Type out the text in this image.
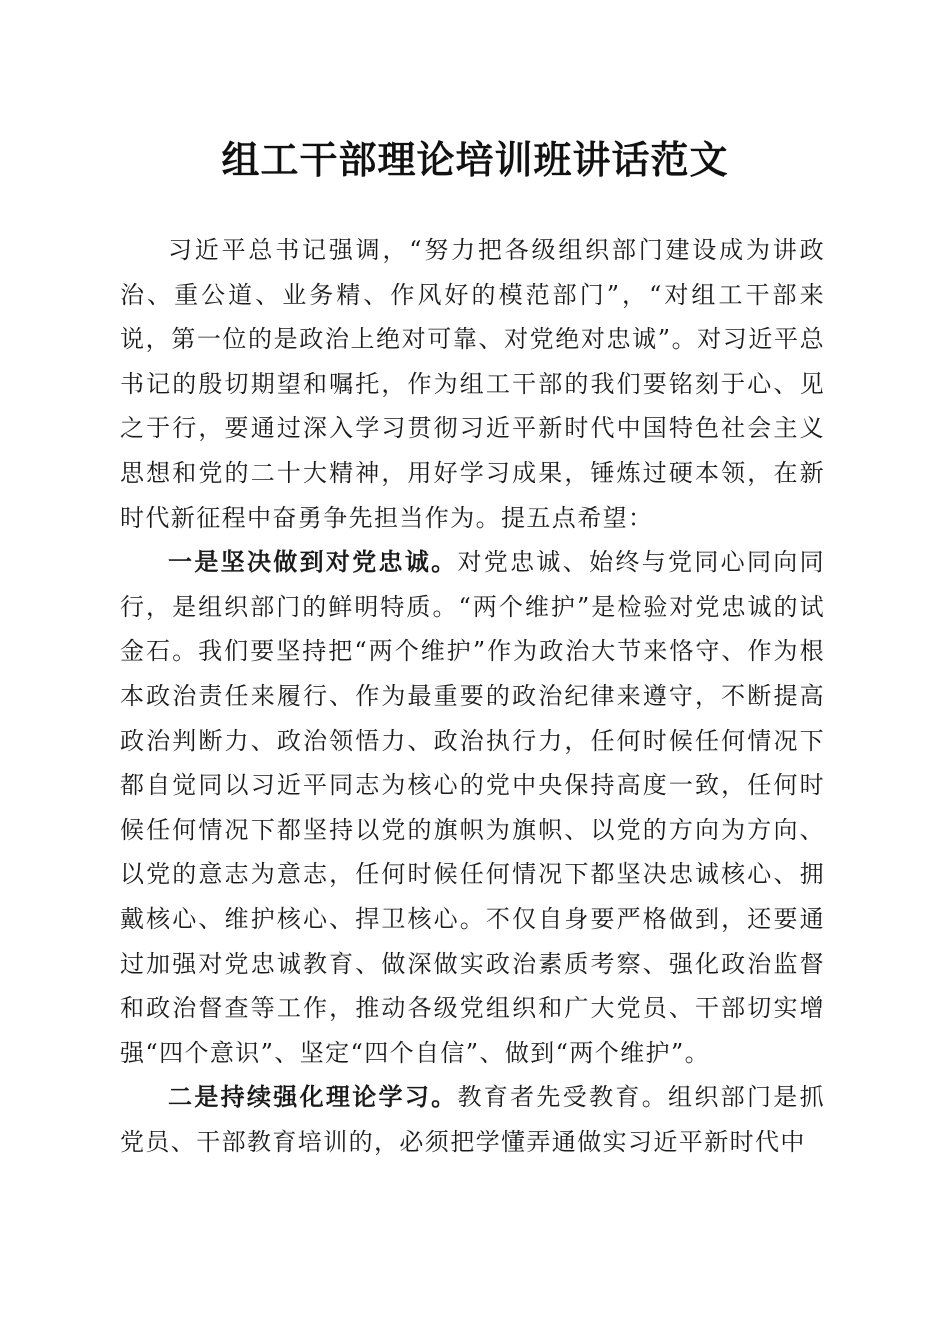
组工干部理论培训班讲话范文

习近平总书记强调，“努力把各级组织部门建设成为讲政治、重公道、业务精、作风好的模范部门”，“对组工干部来说，第一位的是政治上绝对可靠、对党绝对忠诚”。对习近平总书记的殷切期望和嘱托，作为组工干部的我们要铭刻于心、见之于行，要通过深入学习贯彻习近平新时代中国特色社会主义思想和党的二十大精神，用好学习成果，锤炼过硬本领，在新时代新征程中奋勇争先担当作为。提五点希望：

一是坚决做到对党忠诚。对党忠诚、始终与党同心同向同行，是组织部门的鲜明特质。“两个维护”是检验对党忠诚的试金石。我们要坚持把“两个维护”作为政治大节来恪守、作为根本政治责任来履行、作为最重要的政治纪律来遵守，不断提高政治判断力、政治领悟力、政治执行力，任何时候任何情况下都自觉同以习近平同志为核心的党中央保持高度一致，任何时候任何情况下都坚持以党的旗帜为旗帜、以党的方向为方向、以党的意志为意志，任何时候任何情况下都坚决忠诚核心、拥戴核心、维护核心、捍卫核心。不仅自身要严格做到，还要通过加强对党忠诚教育、做深做实政治素质考察、强化政治监督和政治督查等工作，推动各级党组织和广大党员、干部切实增强“四个意识”、坚定“四个自信”、做到“两个维护”。

二是持续强化理论学习。教育者先受教育。组织部门是抓党员、干部教育培训的，必须把学懂弄通做实习近平新时代中
